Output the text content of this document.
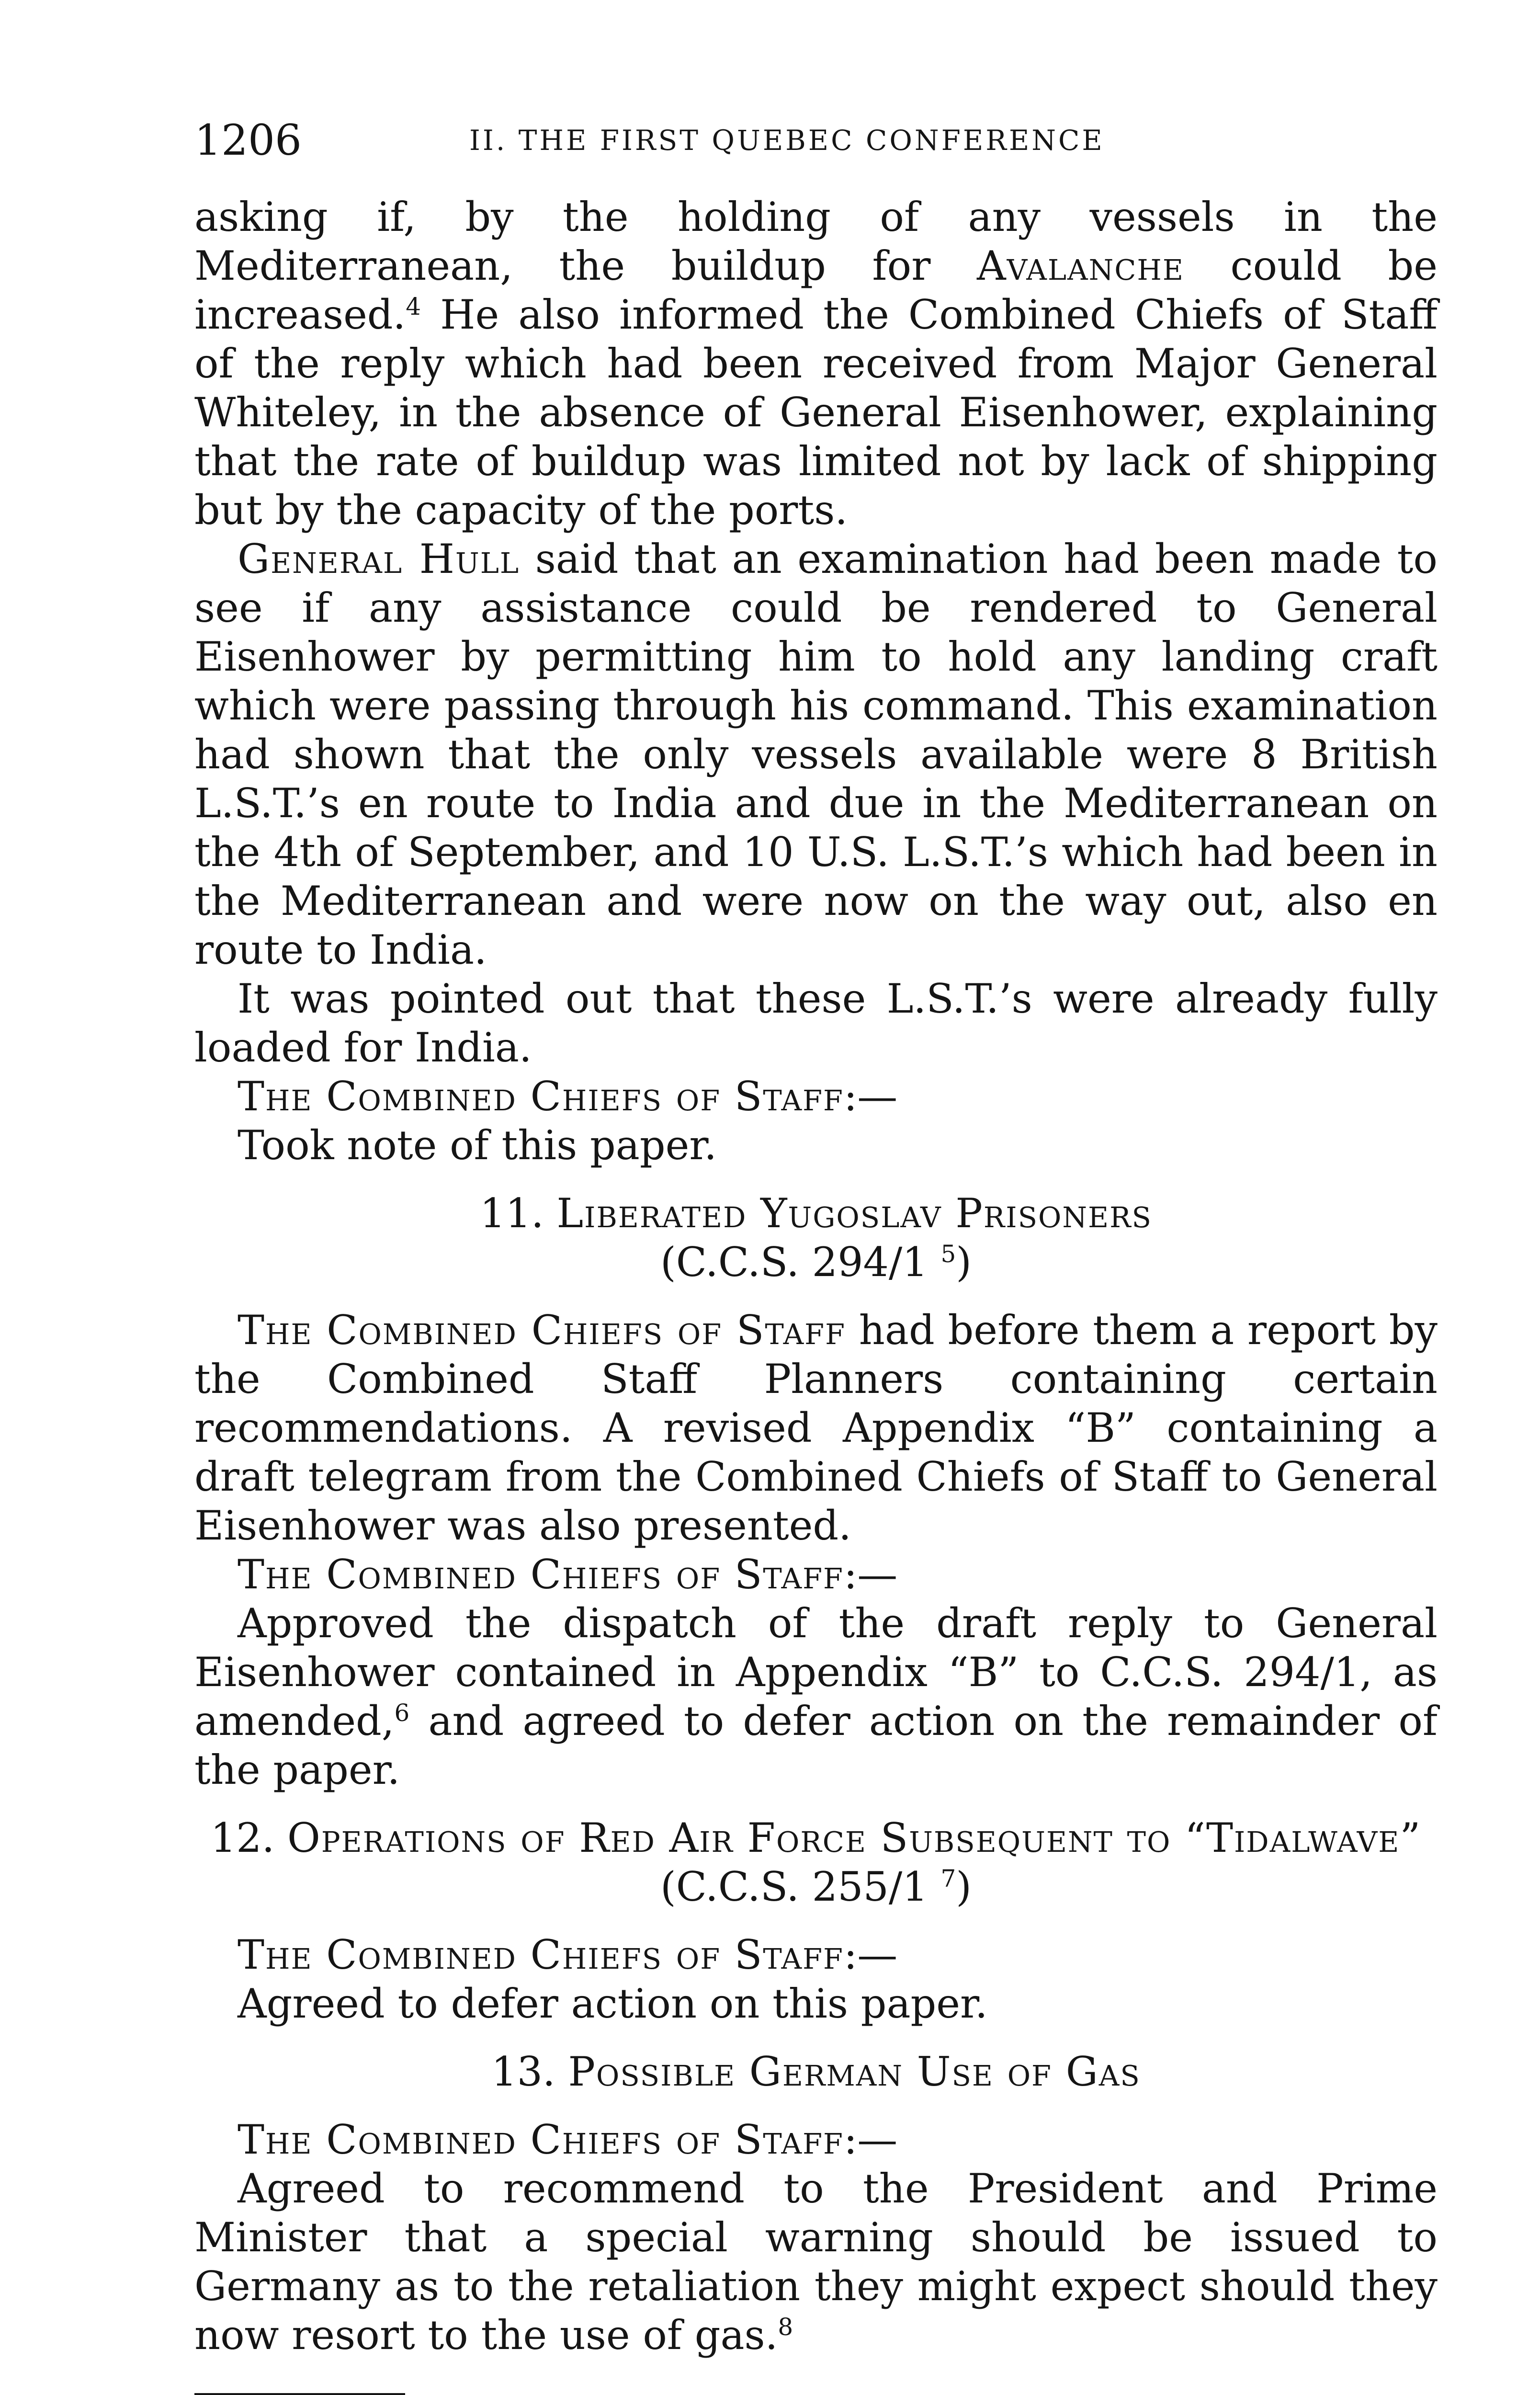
1206	II. THE FIRST QUEBEC CONFERENCE

asking if, by the holding of any vessels in the Mediterranean, the buildup for Avalanche could be increased.$^4$ He also informed the Combined Chiefs of Staff of the reply which had been received from Major General Whiteley, in the absence of General Eisenhower, explaining that the rate of buildup was limited not by lack of shipping but by the capacity of the ports.

General Hull said that an examination had been made to see if any assistance could be rendered to General Eisenhower by permitting him to hold any landing craft which were passing through his command. This examination had shown that the only vessels available were 8 British L.S.T.’s en route to India and due in the Mediterranean on the 4th of September, and 10 U.S. L.S.T.’s which had been in the Mediterranean and were now on the way out, also en route to India.

It was pointed out that these L.S.T.’s were already fully loaded for India.

The Combined Chiefs of Staff:—

Took note of this paper.

11. Liberated Yugoslav Prisoners
(C.C.S. 294/1 $^5$)

The Combined Chiefs of Staff had before them a report by the Combined Staff Planners containing certain recommendations. A revised Appendix “B” containing a draft telegram from the Combined Chiefs of Staff to General Eisenhower was also presented.

The Combined Chiefs of Staff:—

Approved the dispatch of the draft reply to General Eisenhower contained in Appendix “B” to C.C.S. 294/1, as amended,$^6$ and agreed to defer action on the remainder of the paper.

12. Operations of Red Air Force Subsequent to “Tidalwave”
(C.C.S. 255/1 $^7$)

The Combined Chiefs of Staff:—

Agreed to defer action on this paper.

13. Possible German Use of Gas

The Combined Chiefs of Staff:—

Agreed to recommend to the President and Prime Minister that a special warning should be issued to Germany as to the retaliation they might expect should they now resort to the use of gas.$^8$
